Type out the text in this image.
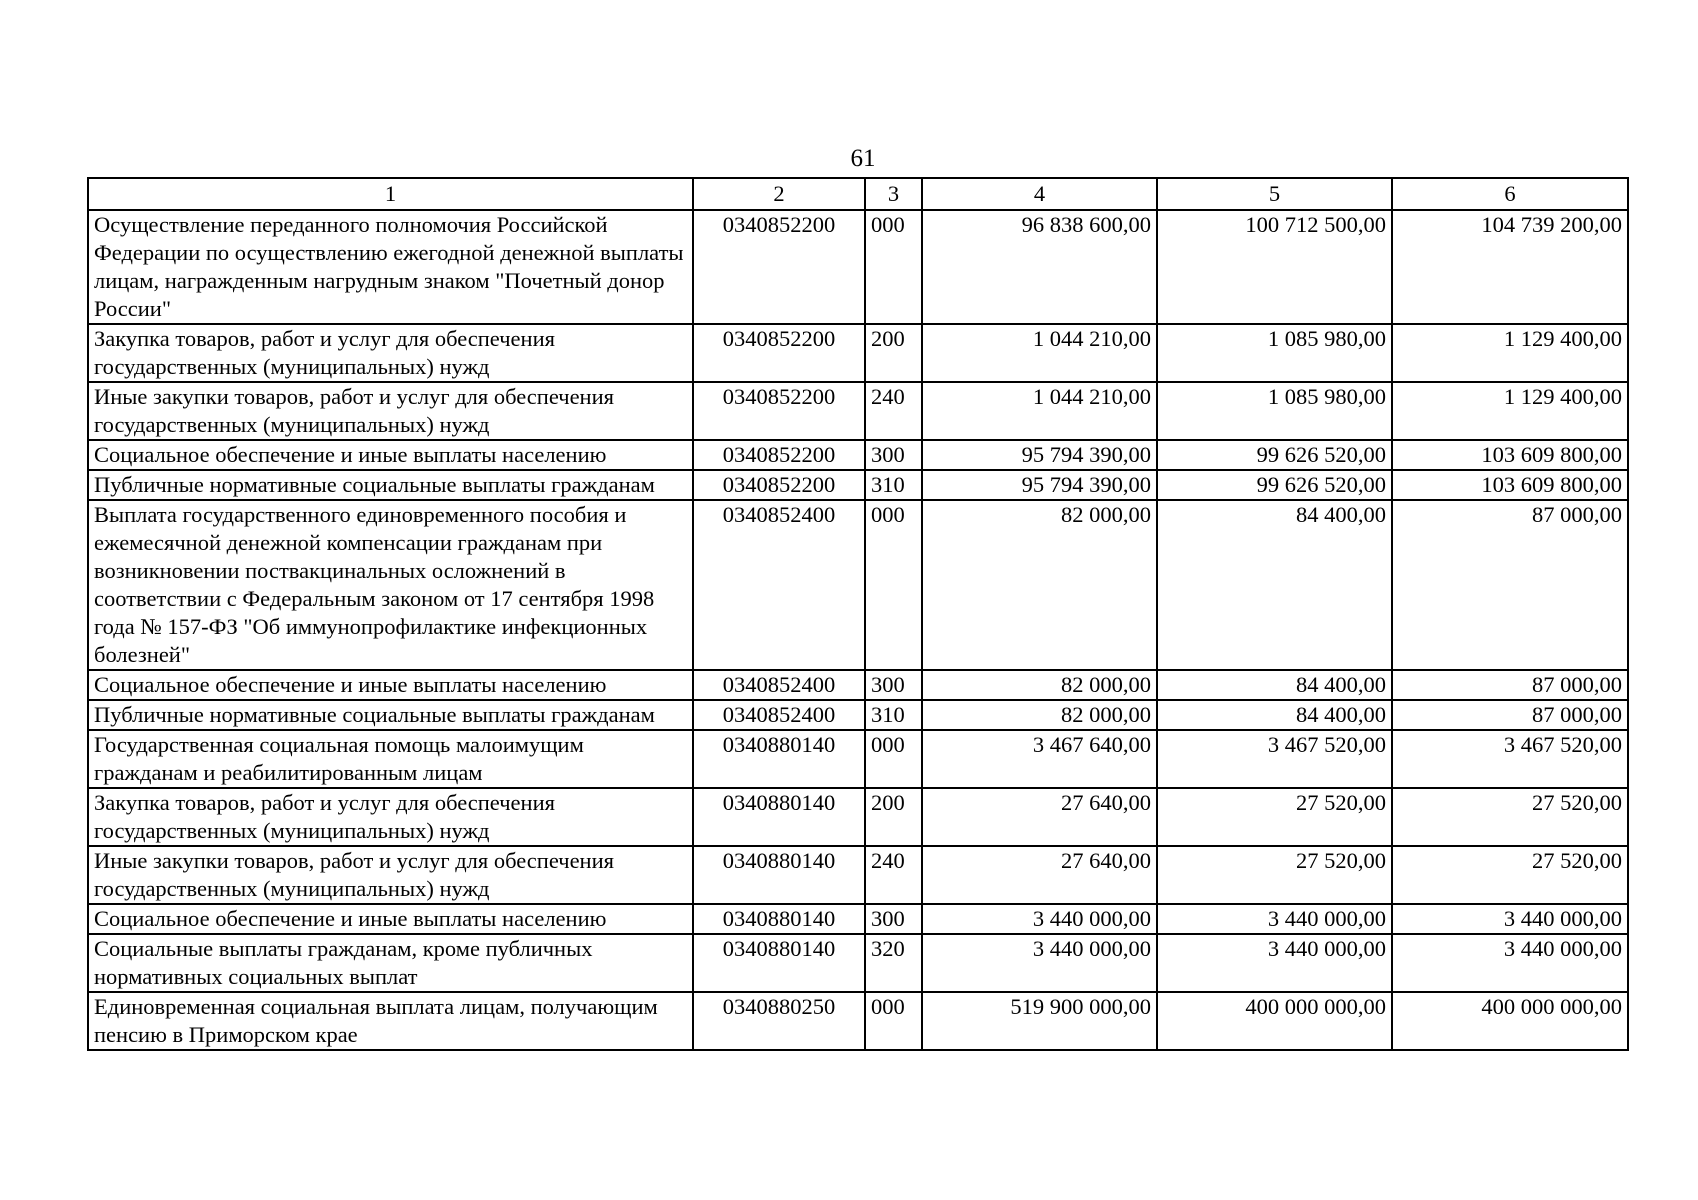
61
1	2	3	4	5	6
Осуществление переданного полномочия Российской Федерации по осуществлению ежегодной денежной выплаты лицам, награжденным нагрудным знаком "Почетный донор России"	0340852200	000	96 838 600,00	100 712 500,00	104 739 200,00
Закупка товаров, работ и услуг для обеспечения государственных (муниципальных) нужд	0340852200	200	1 044 210,00	1 085 980,00	1 129 400,00
Иные закупки товаров, работ и услуг для обеспечения государственных (муниципальных) нужд	0340852200	240	1 044 210,00	1 085 980,00	1 129 400,00
Социальное обеспечение и иные выплаты населению	0340852200	300	95 794 390,00	99 626 520,00	103 609 800,00
Публичные нормативные социальные выплаты гражданам	0340852200	310	95 794 390,00	99 626 520,00	103 609 800,00
Выплата государственного единовременного пособия и ежемесячной денежной компенсации гражданам при возникновении поствакцинальных осложнений в соответствии с Федеральным законом от 17 сентября 1998 года № 157-ФЗ "Об иммунопрофилактике инфекционных болезней"	0340852400	000	82 000,00	84 400,00	87 000,00
Социальное обеспечение и иные выплаты населению	0340852400	300	82 000,00	84 400,00	87 000,00
Публичные нормативные социальные выплаты гражданам	0340852400	310	82 000,00	84 400,00	87 000,00
Государственная социальная помощь малоимущим гражданам и реабилитированным лицам	0340880140	000	3 467 640,00	3 467 520,00	3 467 520,00
Закупка товаров, работ и услуг для обеспечения государственных (муниципальных) нужд	0340880140	200	27 640,00	27 520,00	27 520,00
Иные закупки товаров, работ и услуг для обеспечения государственных (муниципальных) нужд	0340880140	240	27 640,00	27 520,00	27 520,00
Социальное обеспечение и иные выплаты населению	0340880140	300	3 440 000,00	3 440 000,00	3 440 000,00
Социальные выплаты гражданам, кроме публичных нормативных социальных выплат	0340880140	320	3 440 000,00	3 440 000,00	3 440 000,00
Единовременная социальная выплата лицам, получающим пенсию в Приморском крае	0340880250	000	519 900 000,00	400 000 000,00	400 000 000,00
